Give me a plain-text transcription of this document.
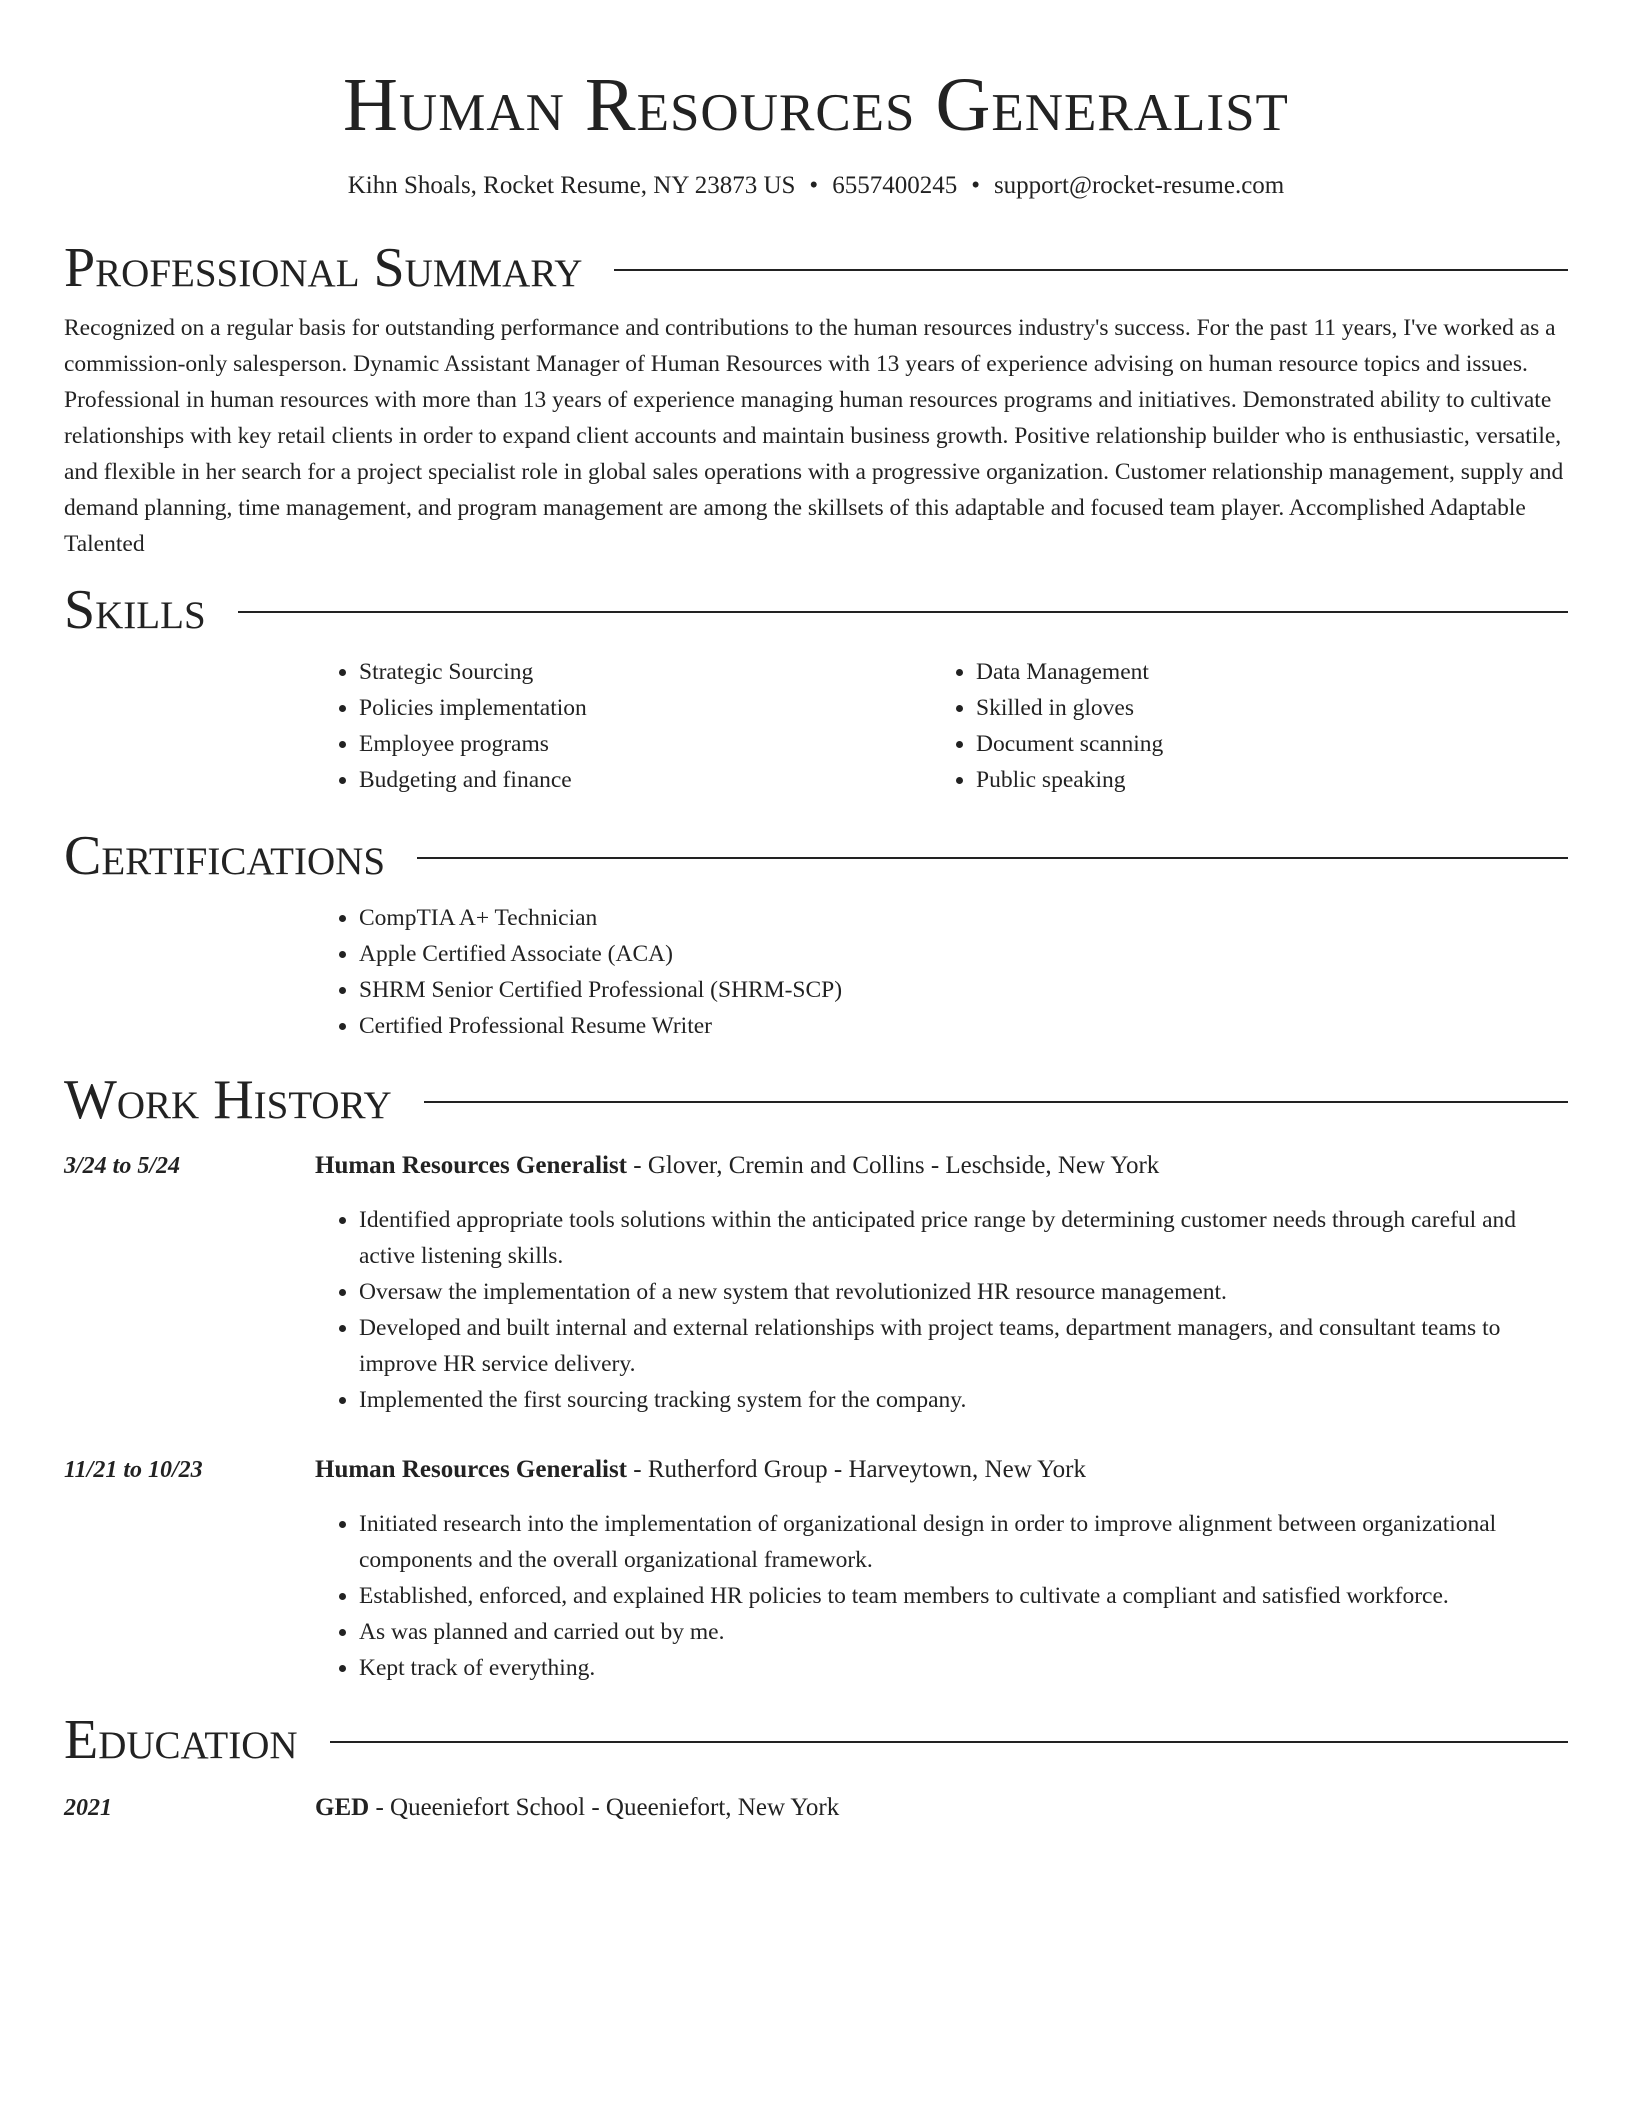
Human Resources Generalist
Kihn Shoals, Rocket Resume, NY 23873 US • 6557400245 • support@rocket-resume.com
Professional Summary

Recognized on a regular basis for outstanding performance and contributions to the human resources industry's success. For the past 11 years, I've worked as a commission-only salesperson. Dynamic Assistant Manager of Human Resources with 13 years of experience advising on human resource topics and issues. Professional in human resources with more than 13 years of experience managing human resources programs and initiatives. Demonstrated ability to cultivate relationships with key retail clients in order to expand client accounts and maintain business growth. Positive relationship builder who is enthusiastic, versatile, and flexible in her search for a project specialist role in global sales operations with a progressive organization. Customer relationship management, supply and demand planning, time management, and program management are among the skillsets of this adaptable and focused team player. Accomplished Adaptable Talented

Skills
• Strategic Sourcing
• Policies implementation
• Employee programs
• Budgeting and finance
• Data Management
• Skilled in gloves
• Document scanning
• Public speaking
Certifications
• CompTIA A+ Technician
• Apple Certified Associate (ACA)
• SHRM Senior Certified Professional (SHRM-SCP)
• Certified Professional Resume Writer
Work History
3/24 to 5/24	Human Resources Generalist - Glover, Cremin and Collins - Leschside, New York
• Identified appropriate tools solutions within the anticipated price range by determining customer needs through careful and active listening skills.
• Oversaw the implementation of a new system that revolutionized HR resource management.
• Developed and built internal and external relationships with project teams, department managers, and consultant teams to improve HR service delivery.
• Implemented the first sourcing tracking system for the company.
11/21 to 10/23	Human Resources Generalist - Rutherford Group - Harveytown, New York
• Initiated research into the implementation of organizational design in order to improve alignment between organizational components and the overall organizational framework.
• Established, enforced, and explained HR policies to team members to cultivate a compliant and satisfied workforce.
• As was planned and carried out by me.
• Kept track of everything.
Education
2021	GED - Queeniefort School - Queeniefort, New York
